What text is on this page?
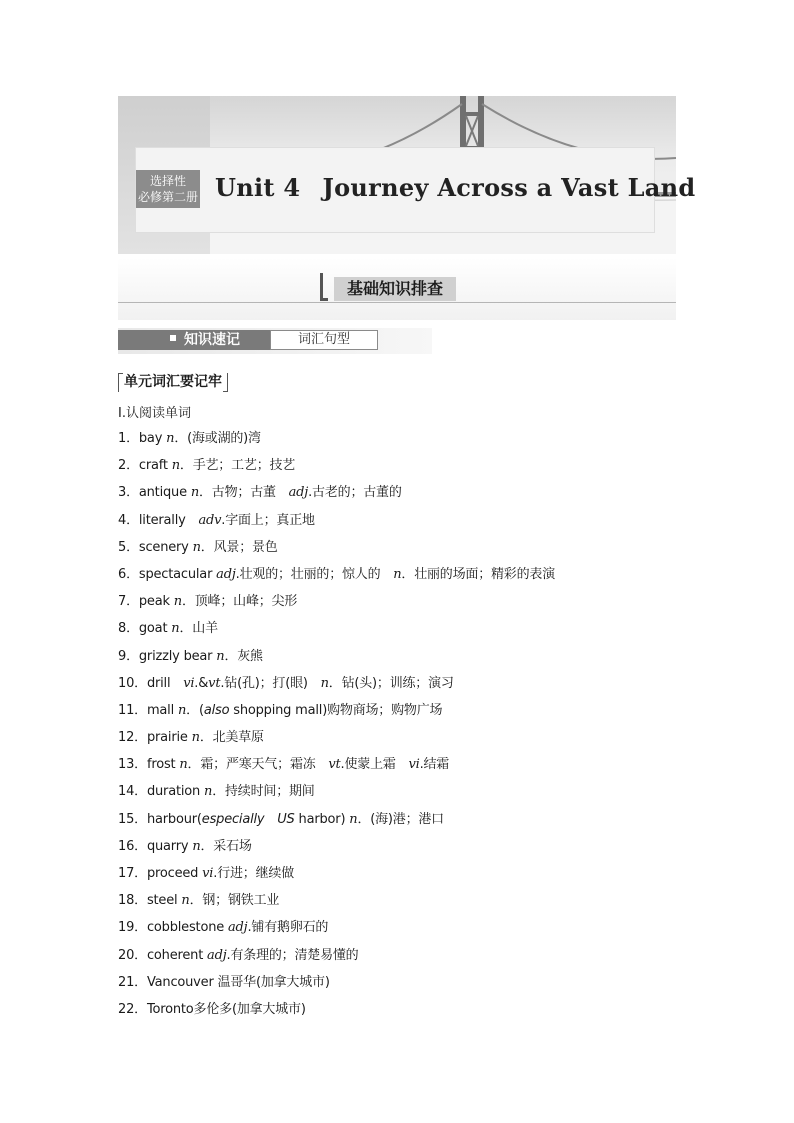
选择性
必修第二册 Unit 4 Journey Across a Vast Land
基础知识排查
知识速记	词汇句型
单元词汇要记牢
Ⅰ.认阅读单词
1．bay n．(海或湖的)湾
2．craft n．手艺；工艺；技艺
3．antique n．古物；古董　adj.古老的；古董的
4．literally　adv.字面上；真正地
5．scenery n．风景；景色
6．spectacular adj.壮观的；壮丽的；惊人的　n．壮丽的场面；精彩的表演
7．peak n．顶峰；山峰；尖形
8．goat n．山羊
9．grizzly bear n．灰熊
10．drill　vi.&vt.钻(孔)；打(眼)　n．钻(头)；训练；演习
11．mall n．(also shopping mall)购物商场；购物广场
12．prairie n．北美草原
13．frost n．霜；严寒天气；霜冻　vt.使蒙上霜　vi.结霜
14．duration n．持续时间；期间
15．harbour(especially　US harbor) n．(海)港；港口
16．quarry n．采石场
17．proceed vi.行进；继续做
18．steel n．钢；钢铁工业
19．cobblestone adj.铺有鹅卵石的
20．coherent adj.有条理的；清楚易懂的
21．Vancouver 温哥华(加拿大城市)
22．Toronto多伦多(加拿大城市)
